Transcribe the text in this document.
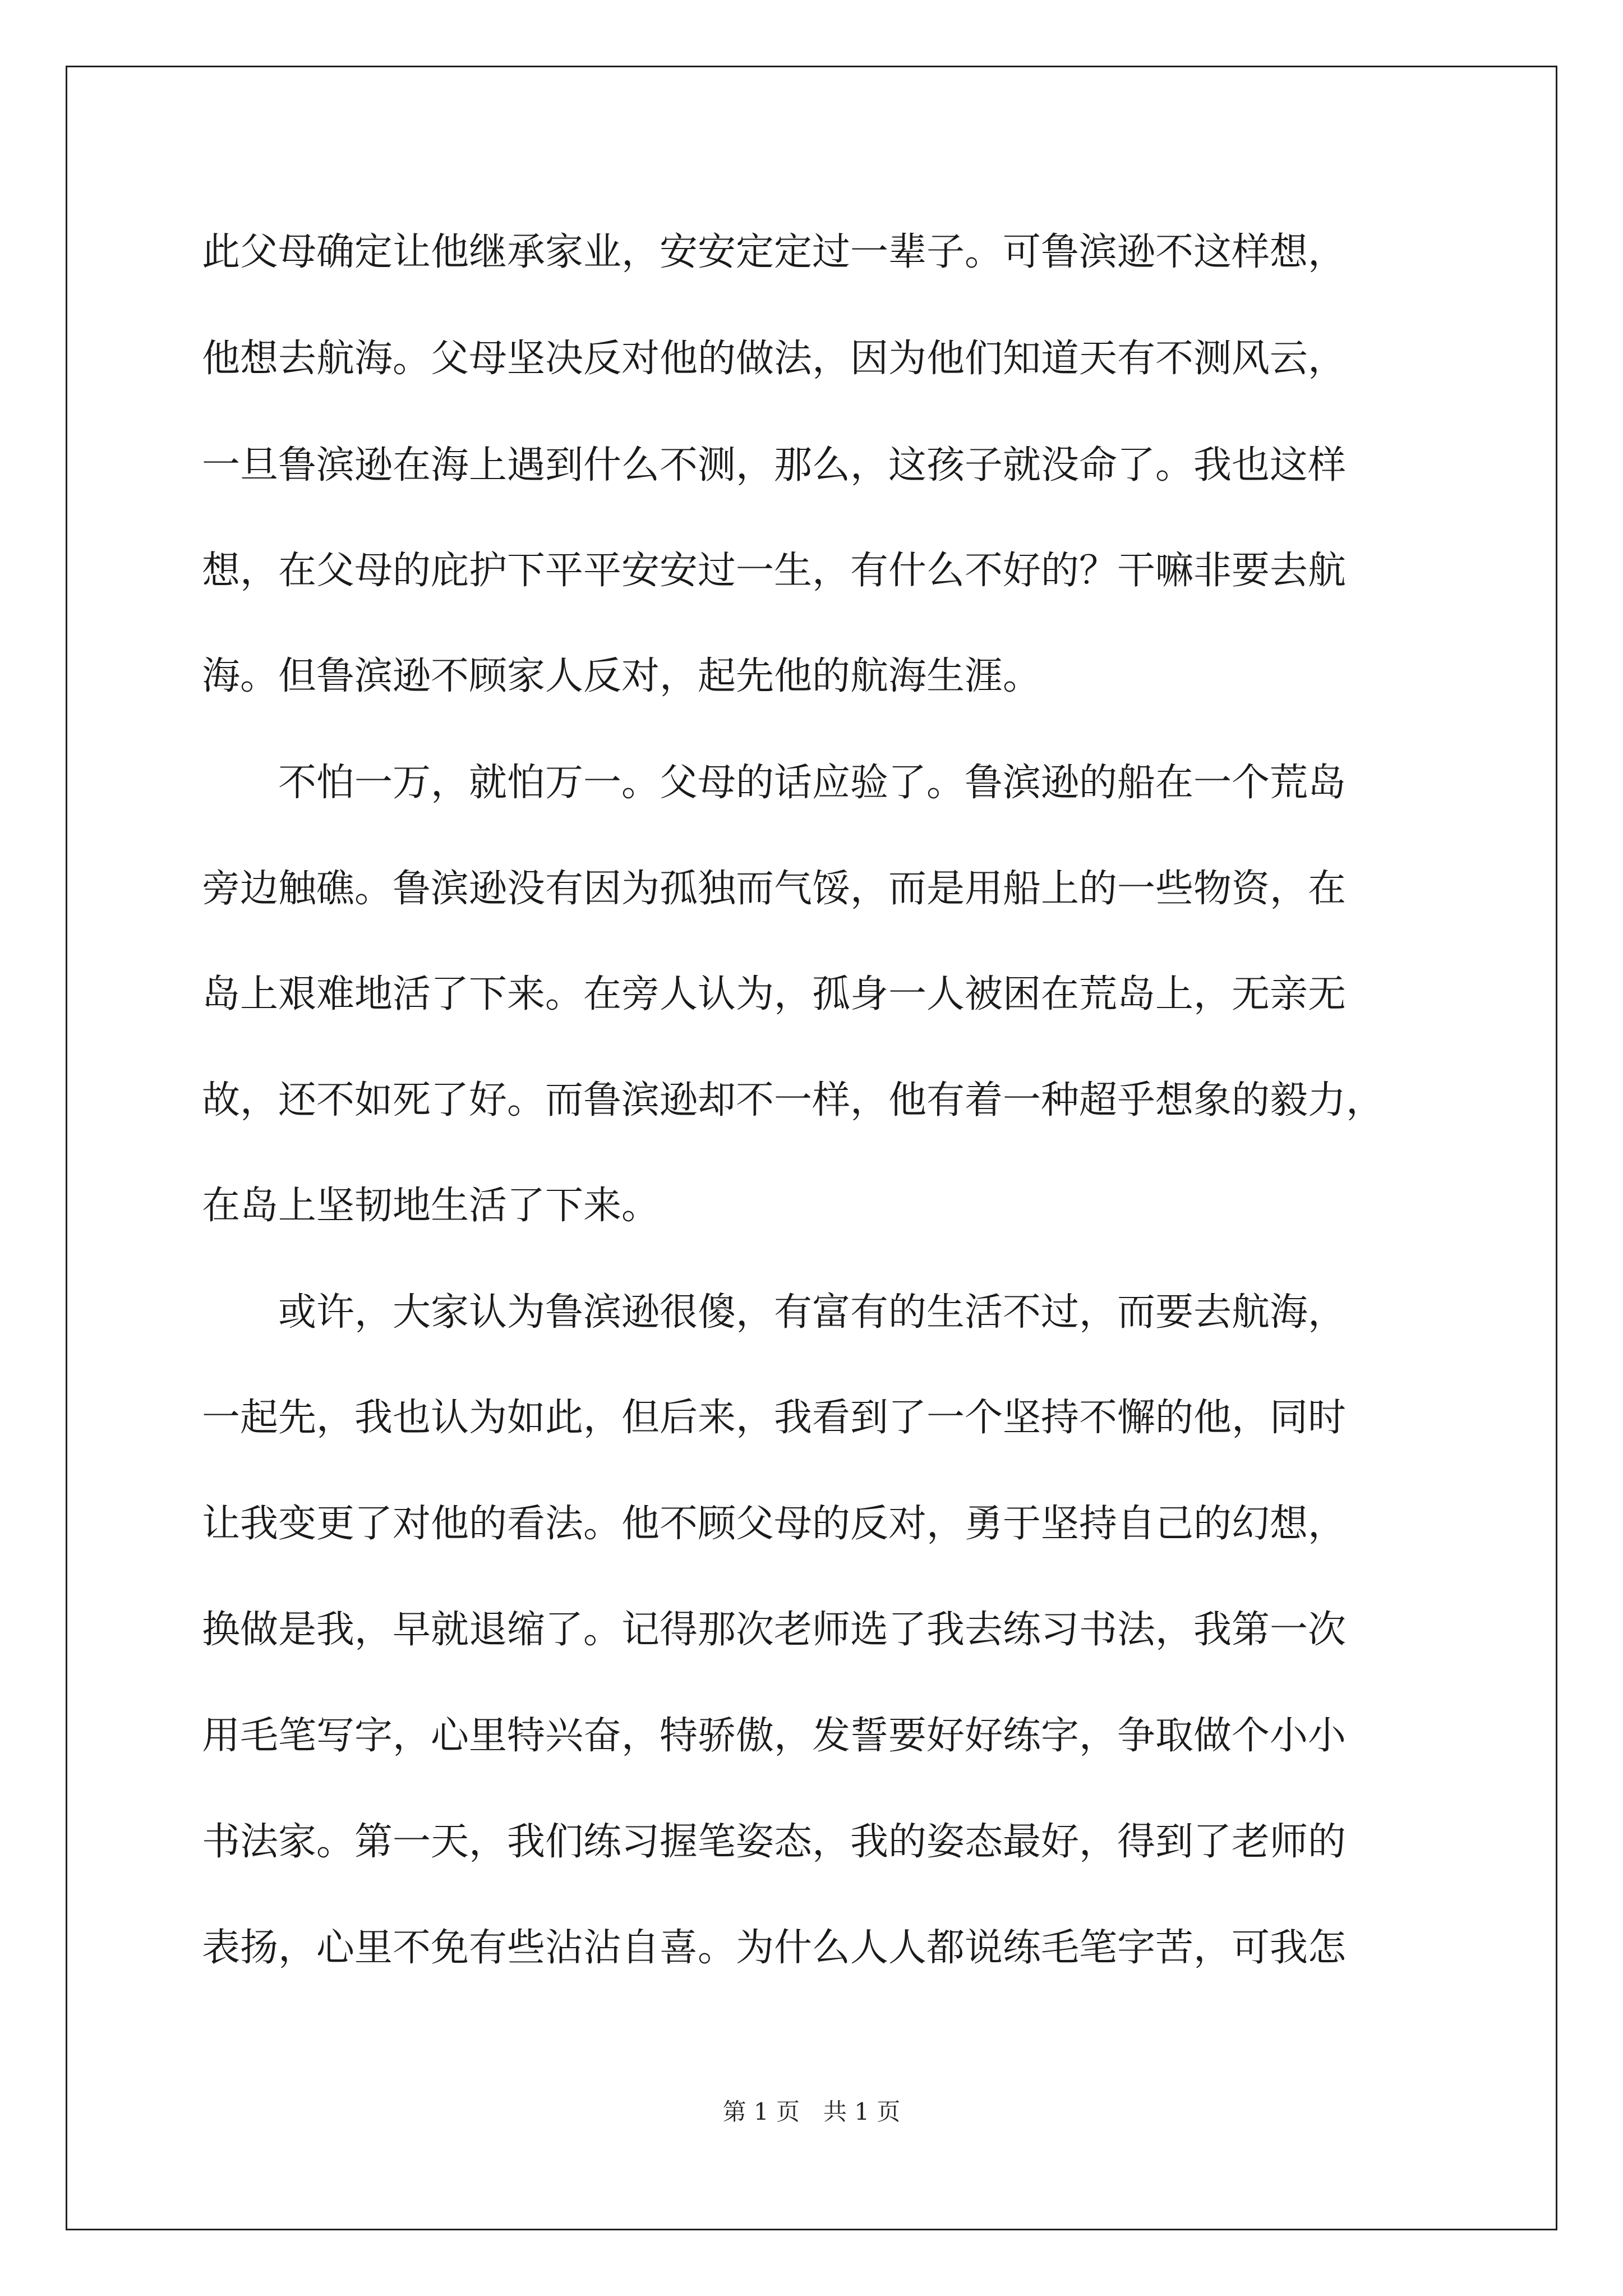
此父母确定让他继承家业，安安定定过一辈子。可鲁滨逊不这样想，
他想去航海。父母坚决反对他的做法，因为他们知道天有不测风云，
一旦鲁滨逊在海上遇到什么不测，那么，这孩子就没命了。我也这样
想，在父母的庇护下平平安安过一生，有什么不好的？干嘛非要去航
海。但鲁滨逊不顾家人反对，起先他的航海生涯。
　　不怕一万，就怕万一。父母的话应验了。鲁滨逊的船在一个荒岛
旁边触礁。鲁滨逊没有因为孤独而气馁，而是用船上的一些物资，在
岛上艰难地活了下来。在旁人认为，孤身一人被困在荒岛上，无亲无
故，还不如死了好。而鲁滨逊却不一样，他有着一种超乎想象的毅力，
在岛上坚韧地生活了下来。
　　或许，大家认为鲁滨逊很傻，有富有的生活不过，而要去航海，
一起先，我也认为如此，但后来，我看到了一个坚持不懈的他，同时
让我变更了对他的看法。他不顾父母的反对，勇于坚持自己的幻想，
换做是我，早就退缩了。记得那次老师选了我去练习书法，我第一次
用毛笔写字，心里特兴奋，特骄傲，发誓要好好练字，争取做个小小
书法家。第一天，我们练习握笔姿态，我的姿态最好，得到了老师的
表扬，心里不免有些沾沾自喜。为什么人人都说练毛笔字苦，可我怎
第 1 页　共 1 页
